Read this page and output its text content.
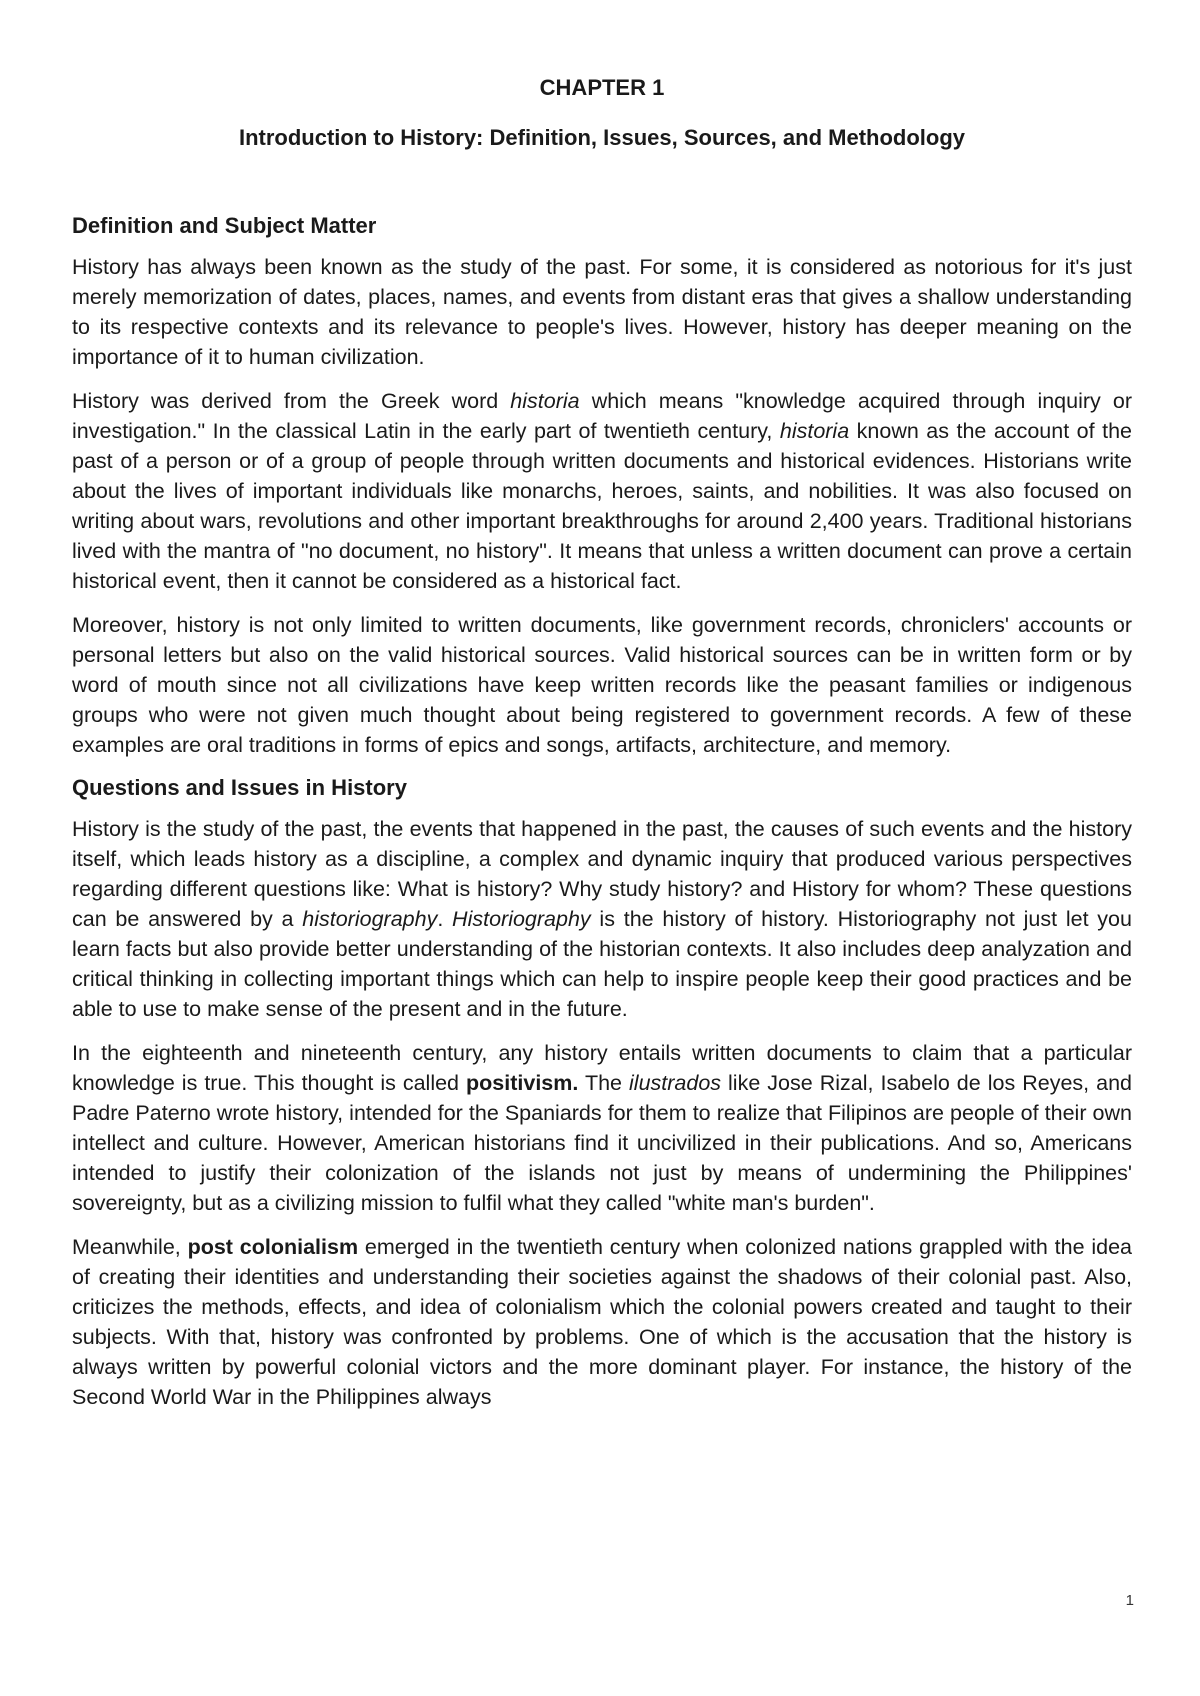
CHAPTER 1
Introduction to History: Definition, Issues, Sources, and Methodology
Definition and Subject Matter

History has always been known as the study of the past. For some, it is considered as notorious for it's just merely memorization of dates, places, names, and events from distant eras that gives a shallow understanding to its respective contexts and its relevance to people's lives. However, history has deeper meaning on the importance of it to human civilization.

History was derived from the Greek word historia which means "knowledge acquired through inquiry or investigation." In the classical Latin in the early part of twentieth century, historia known as the account of the past of a person or of a group of people through written documents and historical evidences. Historians write about the lives of important individuals like monarchs, heroes, saints, and nobilities. It was also focused on writing about wars, revolutions and other important breakthroughs for around 2,400 years. Traditional historians lived with the mantra of "no document, no history". It means that unless a written document can prove a certain historical event, then it cannot be considered as a historical fact.

Moreover, history is not only limited to written documents, like government records, chroniclers' accounts or personal letters but also on the valid historical sources. Valid historical sources can be in written form or by word of mouth since not all civilizations have keep written records like the peasant families or indigenous groups who were not given much thought about being registered to government records. A few of these examples are oral traditions in forms of epics and songs, artifacts, architecture, and memory.

Questions and Issues in History

History is the study of the past, the events that happened in the past, the causes of such events and the history itself, which leads history as a discipline, a complex and dynamic inquiry that produced various perspectives regarding different questions like: What is history? Why study history? and History for whom? These questions can be answered by a historiography. Historiography is the history of history. Historiography not just let you learn facts but also provide better understanding of the historian contexts. It also includes deep analyzation and critical thinking in collecting important things which can help to inspire people keep their good practices and be able to use to make sense of the present and in the future.

In the eighteenth and nineteenth century, any history entails written documents to claim that a particular knowledge is true. This thought is called positivism. The ilustrados like Jose Rizal, Isabelo de los Reyes, and Padre Paterno wrote history, intended for the Spaniards for them to realize that Filipinos are people of their own intellect and culture. However, American historians find it uncivilized in their publications. And so, Americans intended to justify their colonization of the islands not just by means of undermining the Philippines' sovereignty, but as a civilizing mission to fulfil what they called "white man's burden".

Meanwhile, post colonialism emerged in the twentieth century when colonized nations grappled with the idea of creating their identities and understanding their societies against the shadows of their colonial past. Also, criticizes the methods, effects, and idea of colonialism which the colonial powers created and taught to their subjects. With that, history was confronted by problems. One of which is the accusation that the history is always written by powerful colonial victors and the more dominant player. For instance, the history of the Second World War in the Philippines always

1
